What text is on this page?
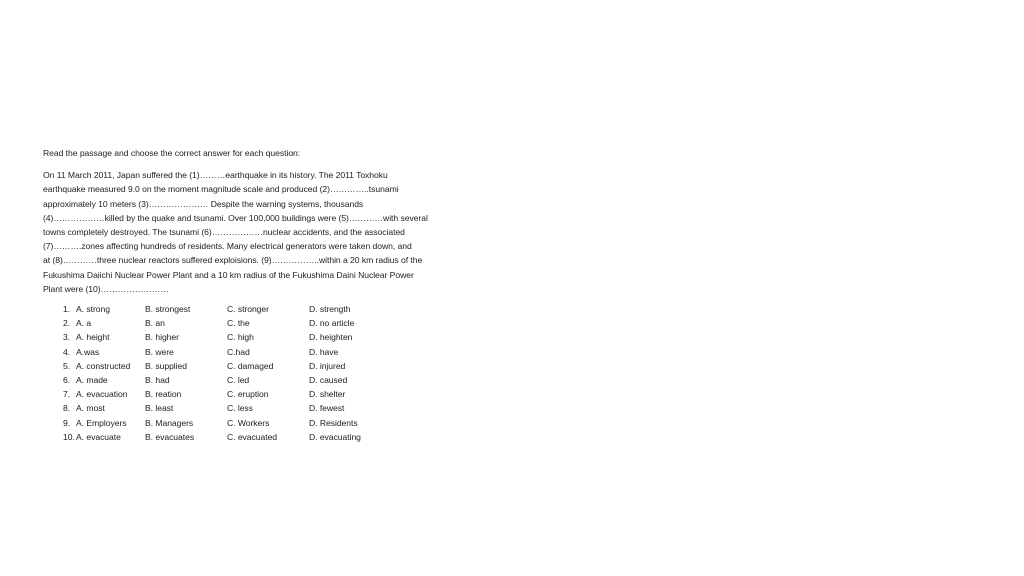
Read the passage and choose the correct answer for each question:

On 11 March 2011, Japan suffered the (1)………earthquake in its history. The 2011 Toxhoku
earthquake measured 9.0 on the moment magnitude scale and produced (2)…………..tsunami
approximately 10 meters (3)………………… Despite the warning systems, thousands
(4)………………killed by the quake and tsunami. Over 100,000 buildings were (5)…………with several
towns completely destroyed. The tsunami (6)………………nuclear accidents, and the associated
(7)……….zones affecting hundreds of residents. Many electrical generators were taken down, and
at (8)…………three nuclear reactors suffered exploisions. (9)……………..within a 20 km radius of the
Fukushima Daiichi Nuclear Power Plant and a 10 km radius of the Fukushima Daini Nuclear Power
Plant were (10)……………………
1. A. strong	B. strongest	C. stronger	D. strength
2. A. a	B. an	C. the	D. no article
3. A. height	B. higher	C. high	D. heighten
4. A.was	B. were	C.had	D. have
5. A. constructed	B. supplied	C. damaged	D. injured
6. A. made	B. had	C. led	D. caused
7. A. evacuation	B. reation	C. eruption	D. shelter
8. A. most	B. least	C. less	D. fewest
9. A. Employers	B. Managers	C. Workers	D. Residents
10. A. evacuate	B. evacuates	C. evacuated	D. evacuating
